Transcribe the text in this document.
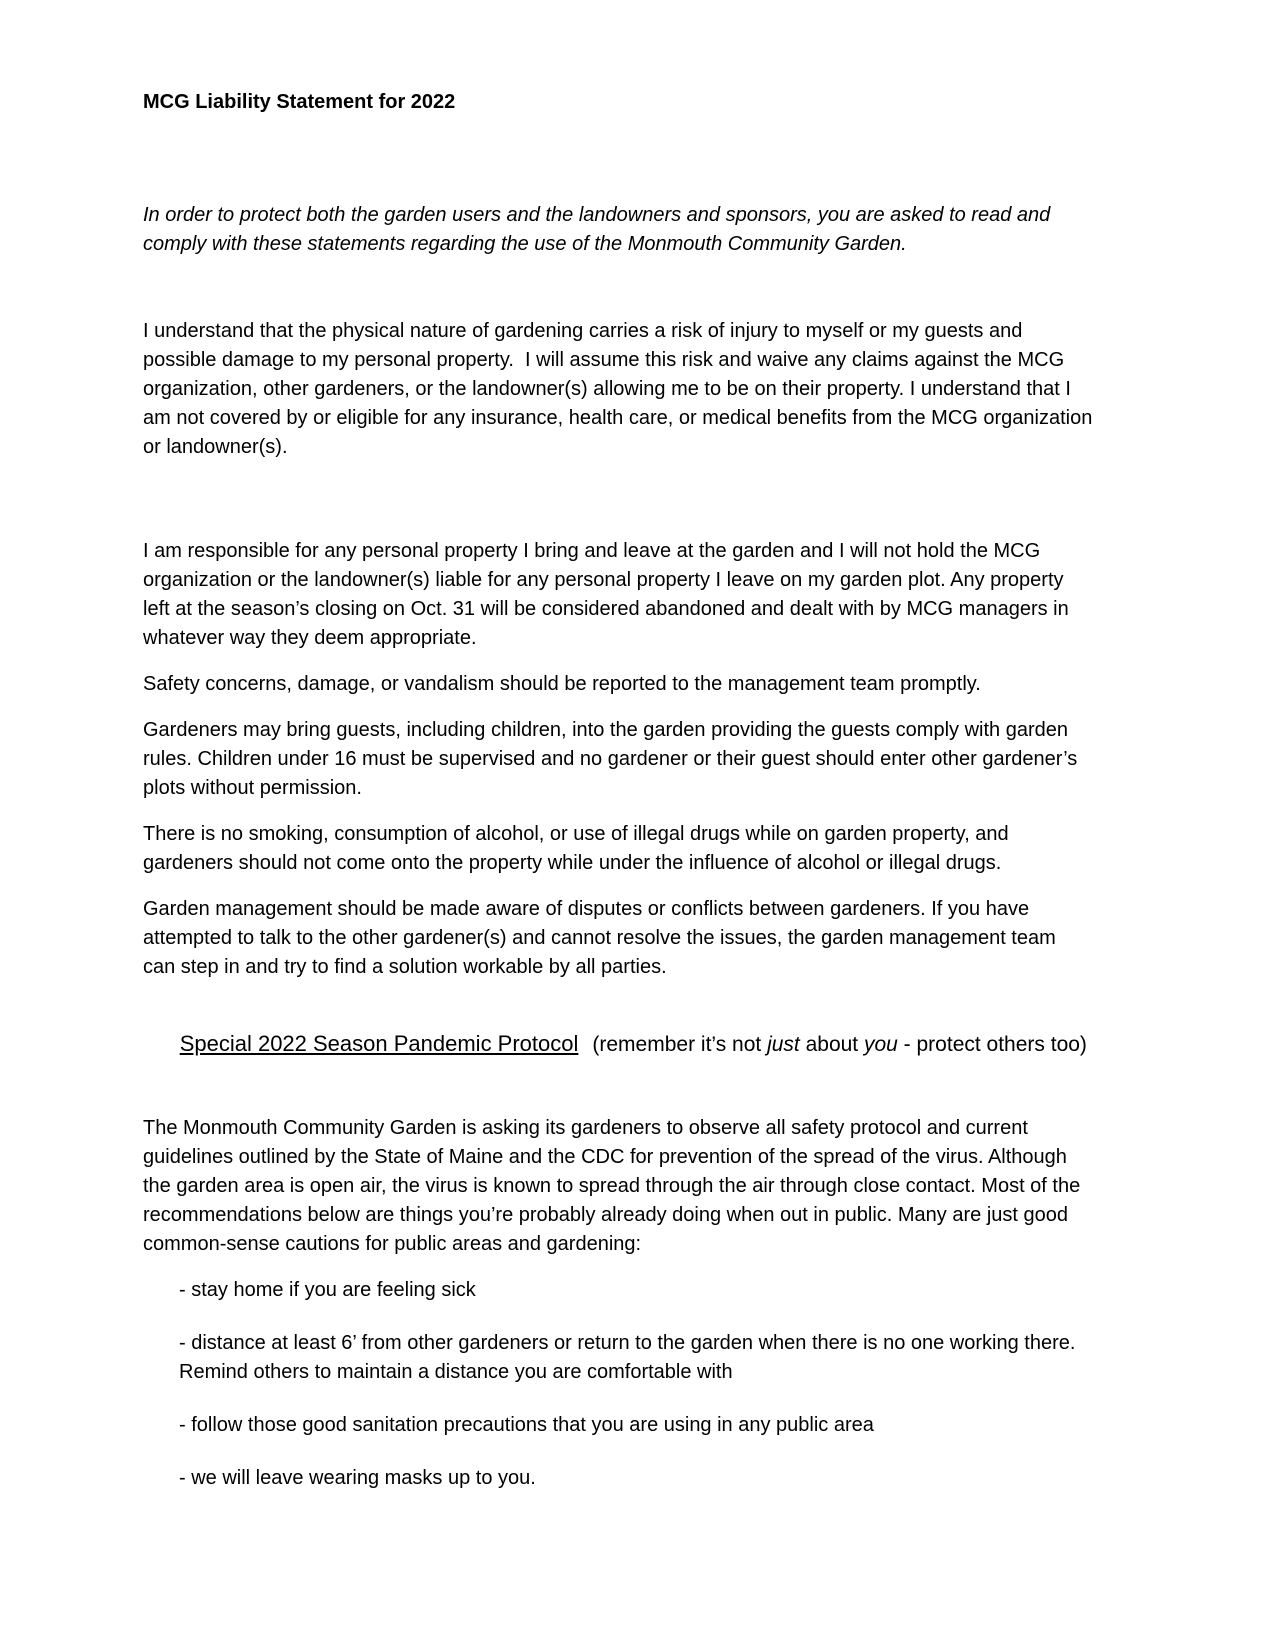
MCG Liability Statement for 2022

In order to protect both the garden users and the landowners and sponsors, you are asked to read and comply with these statements regarding the use of the Monmouth Community Garden.

I understand that the physical nature of gardening carries a risk of injury to myself or my guests and possible damage to my personal property.  I will assume this risk and waive any claims against the MCG organization, other gardeners, or the landowner(s) allowing me to be on their property. I understand that I am not covered by or eligible for any insurance, health care, or medical benefits from the MCG organization or landowner(s).

I am responsible for any personal property I bring and leave at the garden and I will not hold the MCG organization or the landowner(s) liable for any personal property I leave on my garden plot. Any property left at the season’s closing on Oct. 31 will be considered abandoned and dealt with by MCG managers in whatever way they deem appropriate.

Safety concerns, damage, or vandalism should be reported to the management team promptly.

Gardeners may bring guests, including children, into the garden providing the guests comply with garden rules. Children under 16 must be supervised and no gardener or their guest should enter other gardener’s plots without permission.

There is no smoking, consumption of alcohol, or use of illegal drugs while on garden property, and gardeners should not come onto the property while under the influence of alcohol or illegal drugs.

Garden management should be made aware of disputes or conflicts between gardeners. If you have attempted to talk to the other gardener(s) and cannot resolve the issues, the garden management team can step in and try to find a solution workable by all parties.

Special 2022 Season Pandemic Protocol (remember it’s not just about you - protect others too)

The Monmouth Community Garden is asking its gardeners to observe all safety protocol and current guidelines outlined by the State of Maine and the CDC for prevention of the spread of the virus. Although the garden area is open air, the virus is known to spread through the air through close contact. Most of the recommendations below are things you’re probably already doing when out in public. Many are just good common-sense cautions for public areas and gardening:

- stay home if you are feeling sick

- distance at least 6’ from other gardeners or return to the garden when there is no one working there. Remind others to maintain a distance you are comfortable with

- follow those good sanitation precautions that you are using in any public area

- we will leave wearing masks up to you.
